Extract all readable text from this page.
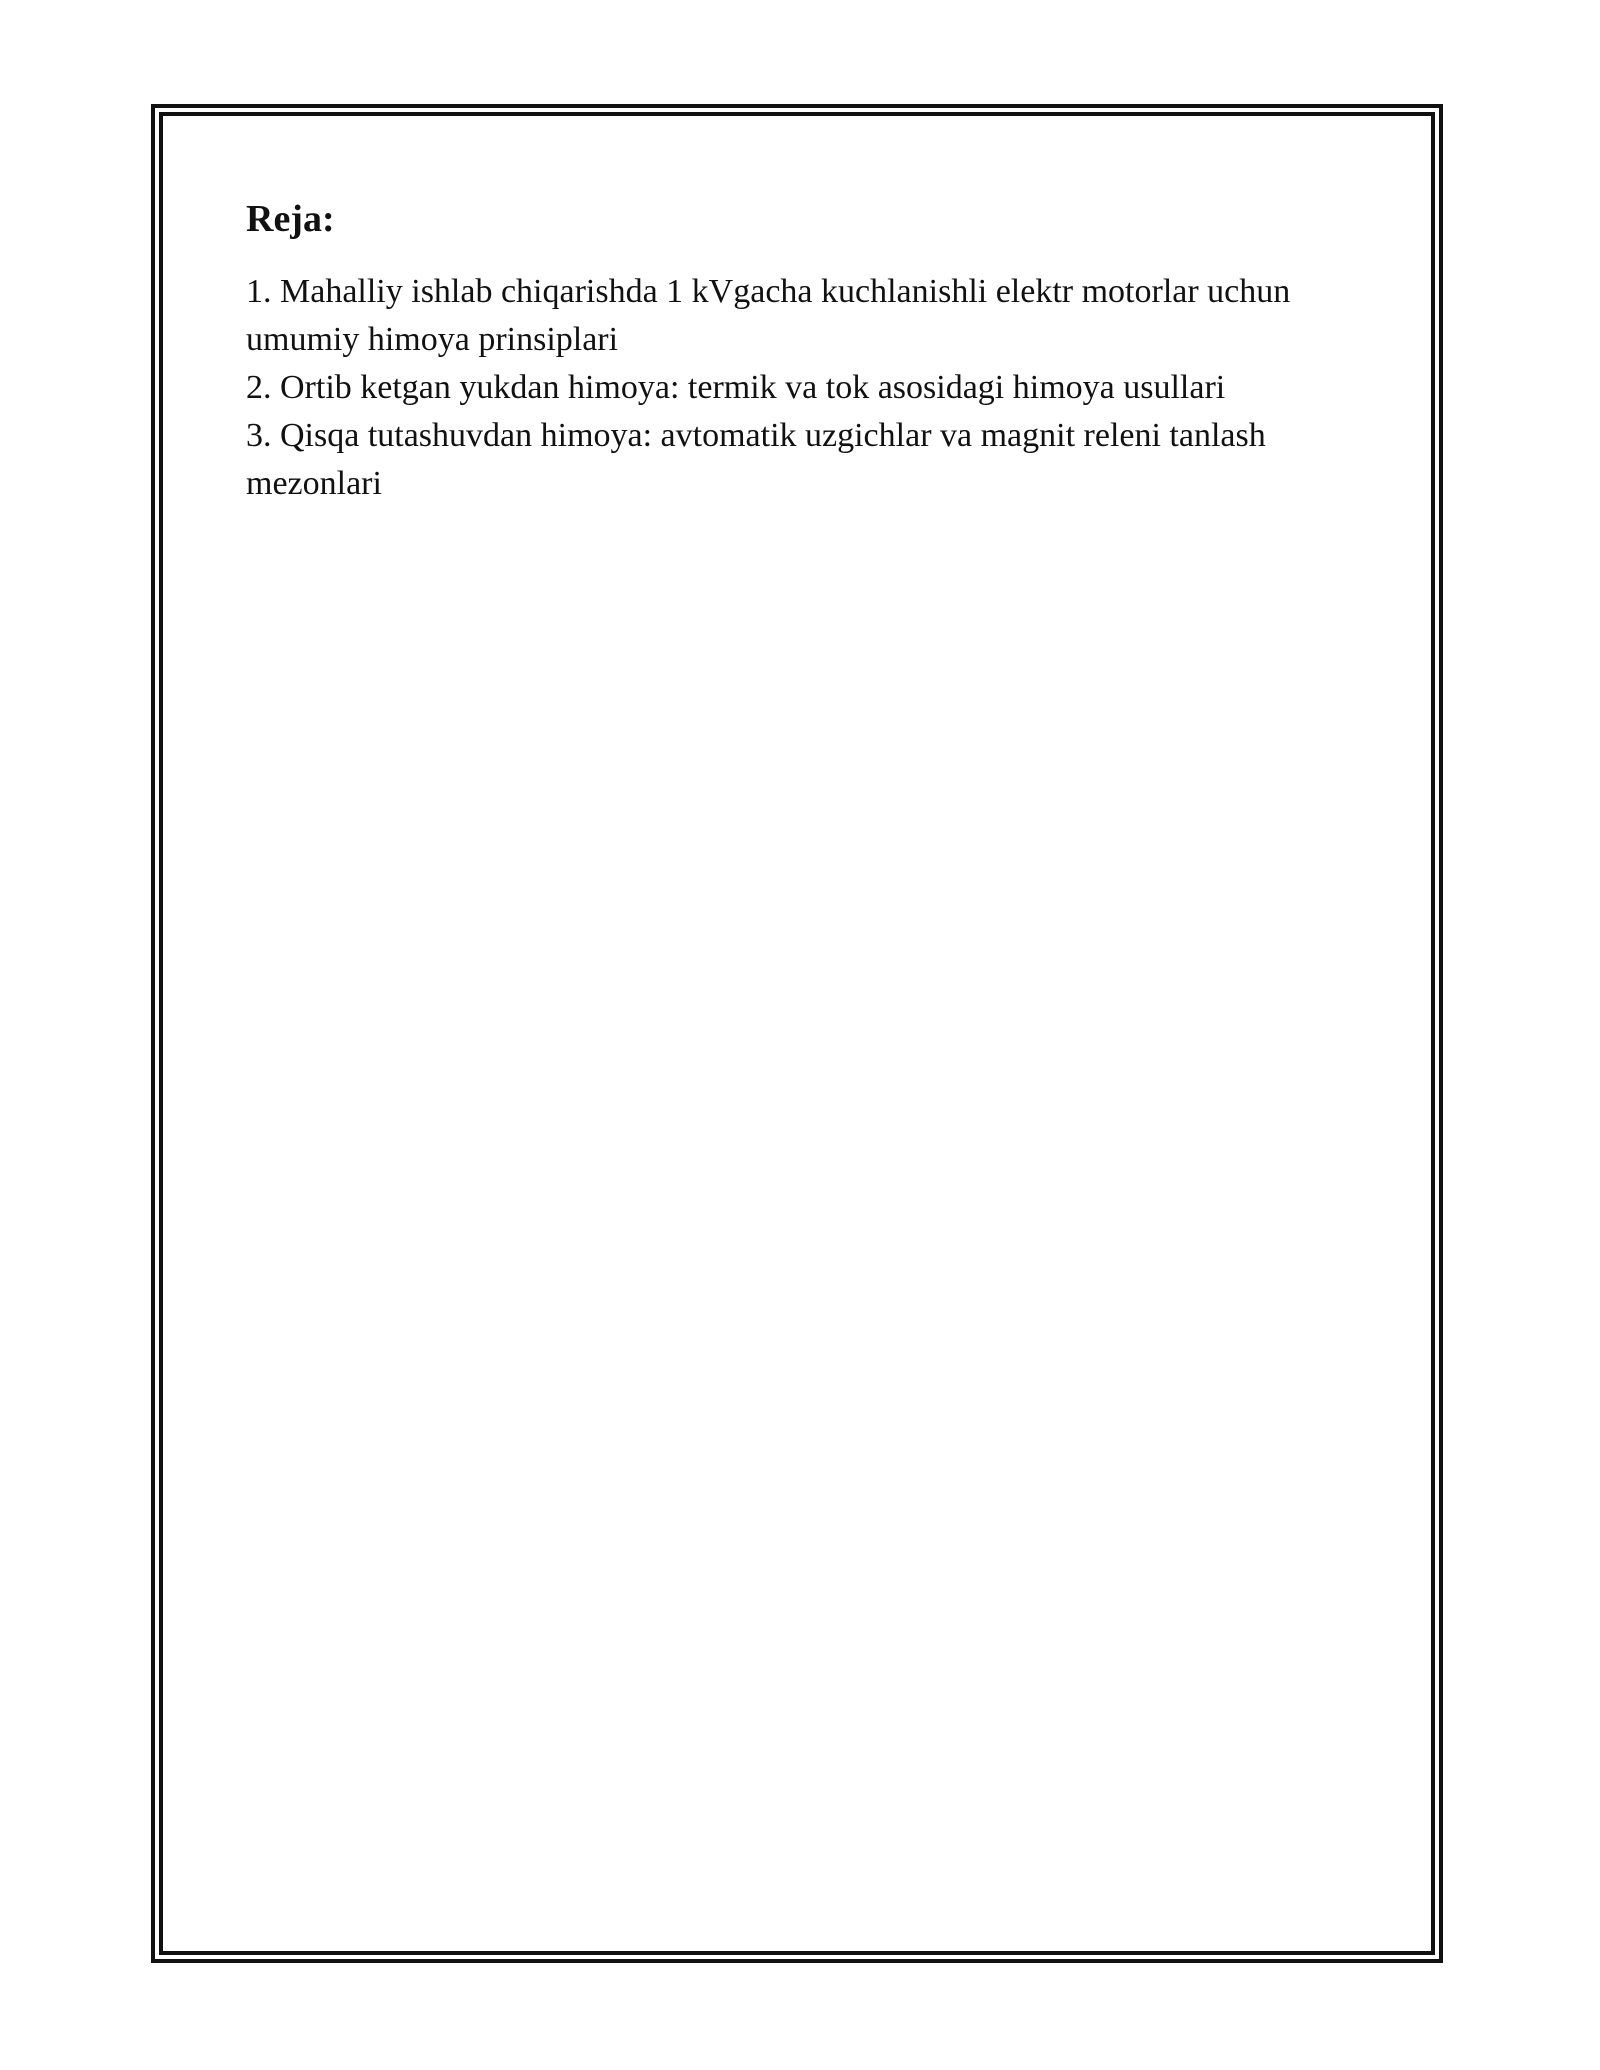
Reja:
1. Mahalliy ishlab chiqarishda 1 kVgacha kuchlanishli elektr motorlar uchun umumiy himoya prinsiplari
2. Ortib ketgan yukdan himoya: termik va tok asosidagi himoya usullari
3. Qisqa tutashuvdan himoya: avtomatik uzgichlar va magnit releni tanlash mezonlari
